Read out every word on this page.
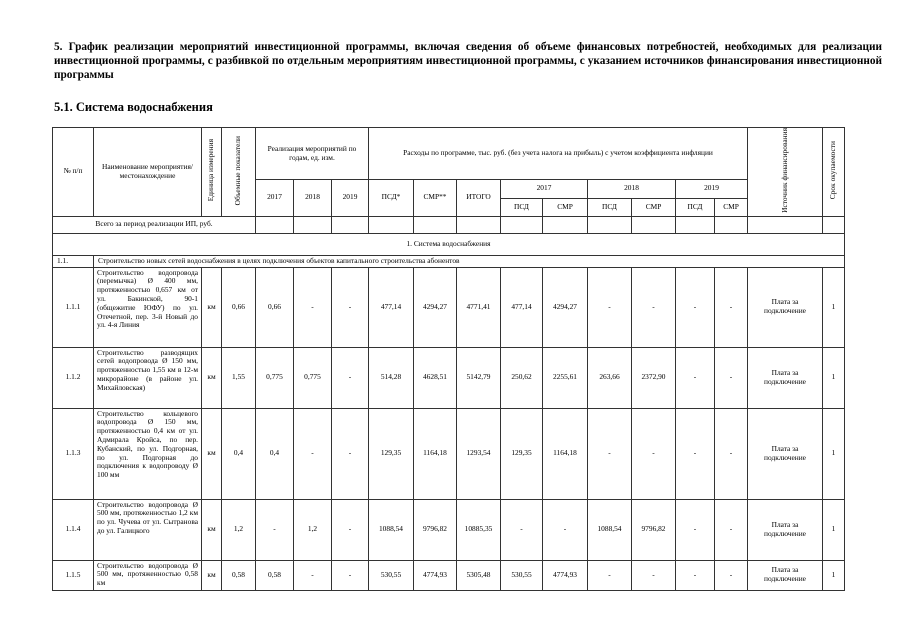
5. График реализации мероприятий инвестиционной программы, включая сведения об объеме финансовых потребностей, необходимых для реализации инвестиционной программы, с разбивкой по отдельным мероприятиям инвестиционной программы, с указанием источников финансирования инвестиционной программы
5.1. Система водоснабжения
№ п/п	Наименование мероприятия/ местонахождение	Единица измерения	Объемные показатели	Реализация мероприятий по годам, ед. изм.			Расходы по программе, тыс. руб. (без учета налога на прибыль) с учетом коэффициента инфляции									Источник финансирования	Срок окупаемости
				2017	2018	2019	ПСД*	СМР**	ИТОГО	2017		2018		2019			
										ПСД	СМР	ПСД	СМР	ПСД	СМР		
Всего за период реализации ИП, руб.																	
1. Система водоснабжения																	
1.1.	Строительство новых сетей водоснабжения в целях подключения объектов капитального строительства абонентов																
1.1.1	Строительство водопровода (перемычка) Ø 400 мм, протяженностью 0,657 км от ул. Бакинской, 90-1 (общежитие ЮФУ) по ул. Отечетной, пер. 3-й Новый до ул. 4-я Линия	км	0,66	0,66	-	-	477,14	4294,27	4771,41	477,14	4294,27	-	-	-	-	Плата за подключение	1
1.1.2	Строительство разводящих сетей водопровода Ø 150 мм, протяженностью 1,55 км в 12-м микрорайоне (в районе ул. Михайловская)	км	1,55	0,775	0,775	-	514,28	4628,51	5142,79	250,62	2255,61	263,66	2372,90	-	-	Плата за подключение	1
1.1.3	Строительство кольцевого водопровода Ø 150 мм, протяженностью 0,4 км от ул. Адмирала Кройса, по пер. Кубанский, по ул. Подгорная, по ул. Подгорная до подключения к водопроводу Ø 100 мм	км	0,4	0,4	-	-	129,35	1164,18	1293,54	129,35	1164,18	-	-	-	-	Плата за подключение	1
1.1.4	Строительство водопровода Ø 500 мм, протяженностью 1,2 км по ул. Чучева от ул. Сытранова до ул. Галицкого	км	1,2	-	1,2	-	1088,54	9796,82	10885,35	-	-	1088,54	9796,82	-	-	Плата за подключение	1
1.1.5	Строительство водопровода Ø 500 мм, протяженностью 0,58 км	км	0,58	0,58	-	-	530,55	4774,93	5305,48	530,55	4774,93	-	-	-	-	Плата за подключение	1
